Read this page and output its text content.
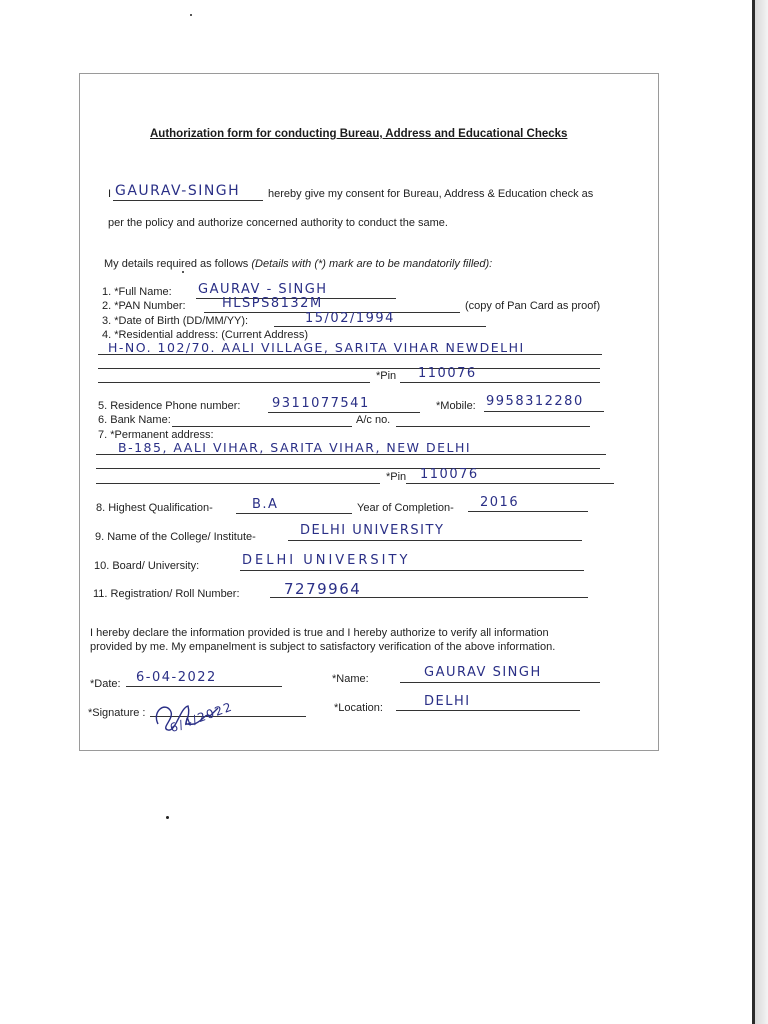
Authorization form for conducting Bureau, Address and Educational Checks
I GAURAV-SINGH	hereby give my consent for Bureau, Address & Education check as
per the policy and authorize concerned authority to conduct the same.
My details required as follows (Details with (*) mark are to be mandatorily filled):
1. *Full Name: GAURAV - SINGH
2. *PAN Number:	HLSPS8132M	(copy of Pan Card as proof)
3. *Date of Birth (DD/MM/YY):	15/02/1994
4. *Residential address: (Current Address)
H-NO. 102/70. AALI VILLAGE, SARITA VIHAR NEWDELHI
*Pin 110076
5. Residence Phone number: 9311077541	*Mobile: 9958312280
6. Bank Name:	A/c no.
7. *Permanent address:
B-185, AALI VIHAR, SARITA VIHAR, NEW DELHI
*Pin 110076
8. Highest Qualification-	B.A	Year of Completion- 2016
9. Name of the College/ Institute-	DELHI UNIVERSITY
10. Board/ University:	DELHI UNIVERSITY
11. Registration/ Roll Number:	7279964
I hereby declare the information provided is true and I hereby authorize to verify all information
provided by me. My empanelment is subject to satisfactory verification of the above information.
*Date: 6-04-2022	*Name:	GAURAV SINGH
*Signature : 6/4/2022	*Location:	DELHI
